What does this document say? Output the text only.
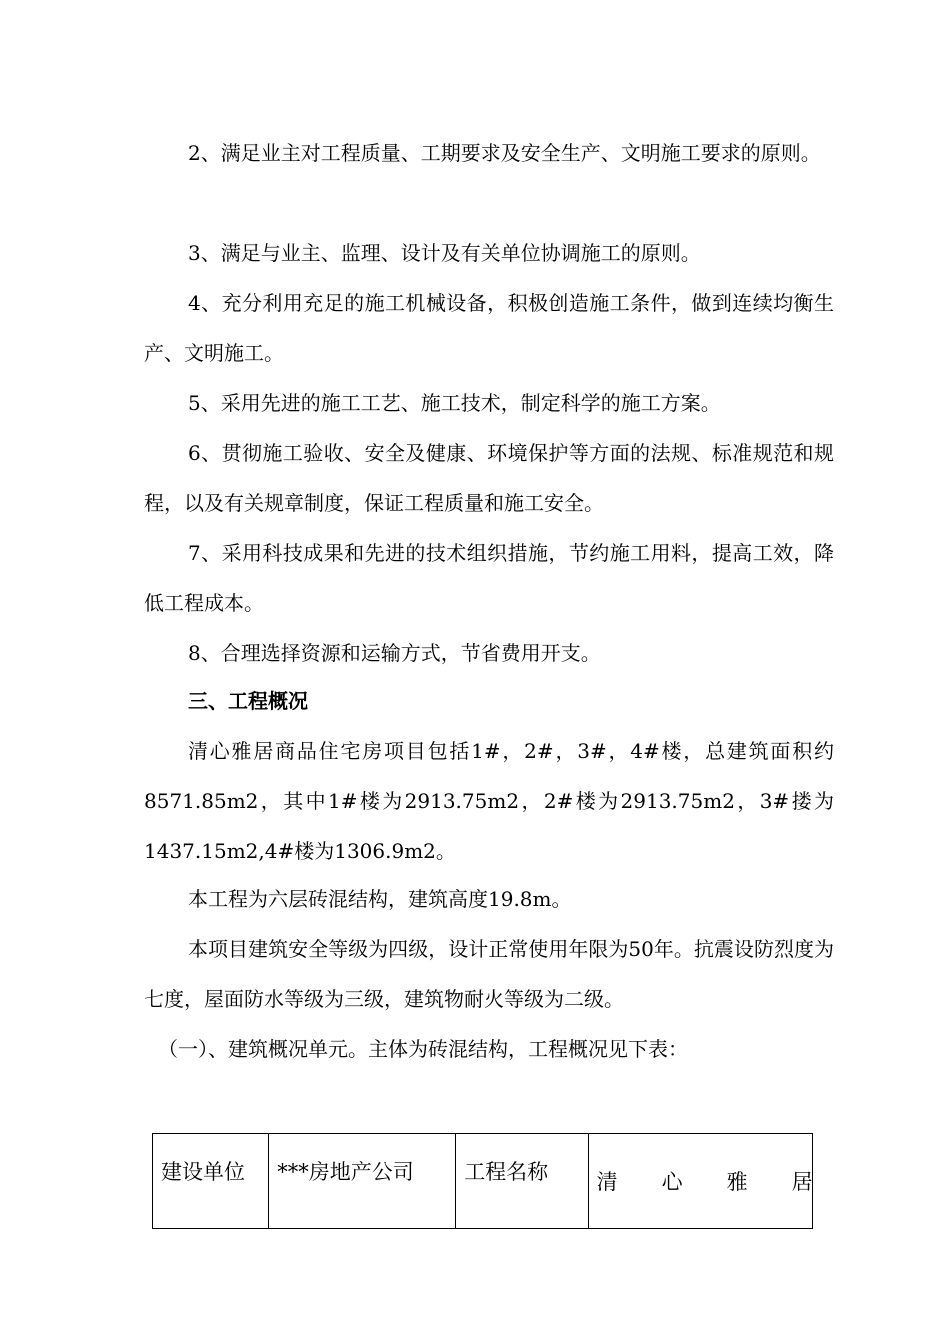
2、满足业主对工程质量、工期要求及安全生产、文明施工要求的原则。

3、满足与业主、监理、设计及有关单位协调施工的原则。

4、充分利用充足的施工机械设备，积极创造施工条件，做到连续均衡生产、文明施工。

5、采用先进的施工工艺、施工技术，制定科学的施工方案。

6、贯彻施工验收、安全及健康、环境保护等方面的法规、标准规范和规程，以及有关规章制度，保证工程质量和施工安全。

7、采用科技成果和先进的技术组织措施，节约施工用料，提高工效，降低工程成本。

8、合理选择资源和运输方式，节省费用开支。

三、工程概况

清心雅居商品住宅房项目包括1#，2#，3#，4#楼，总建筑面积约8571.85m2，其中1#楼为2913.75m2，2#楼为2913.75m2，3#搂为1437.15m2,4#楼为1306.9m2。

本工程为六层砖混结构，建筑高度19.8m。

本项目建筑安全等级为四级，设计正常使用年限为50年。抗震设防烈度为七度，屋面防水等级为三级，建筑物耐火等级为二级。

（一）、建筑概况单元。主体为砖混结构，工程概况见下表：

建设单位	***房地产公司	工程名称	清心雅居
